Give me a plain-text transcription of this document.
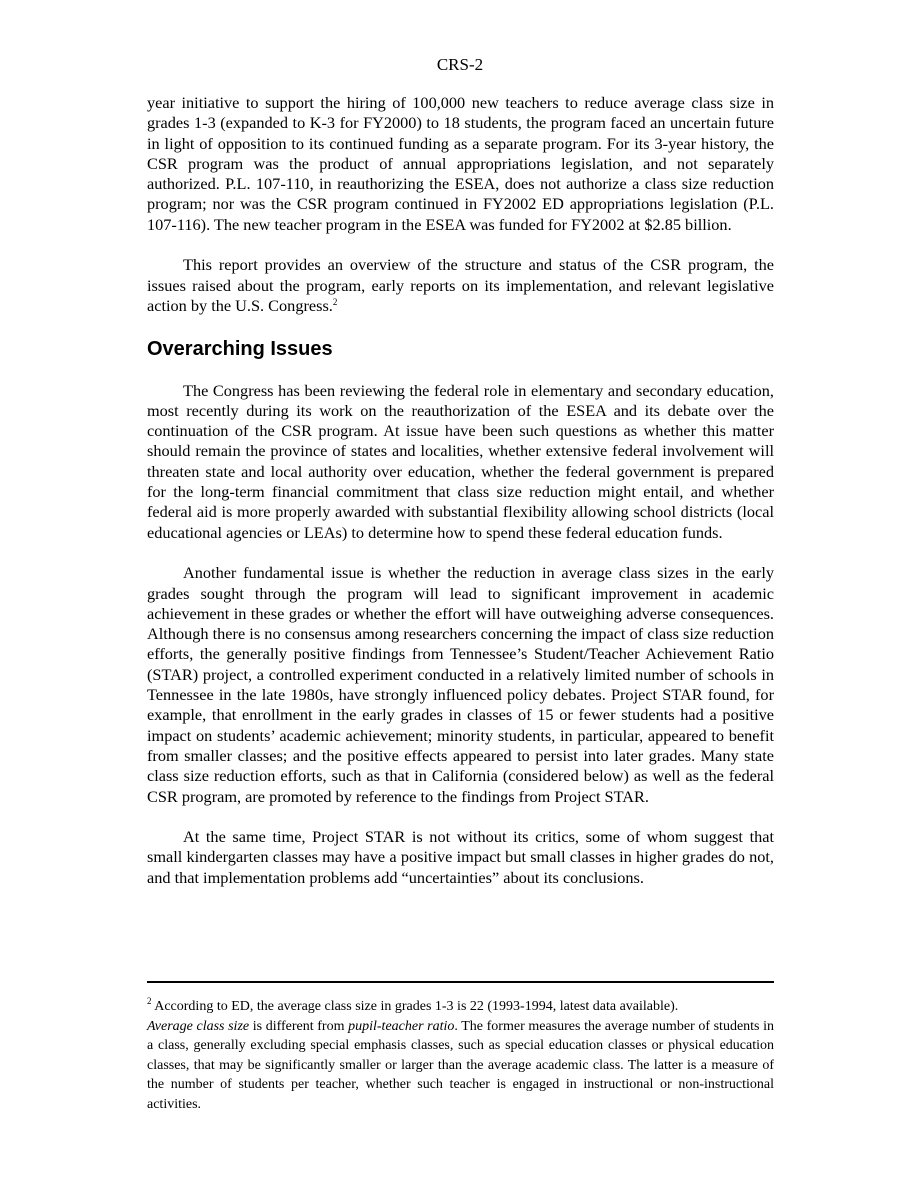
CRS-2

year initiative to support the hiring of 100,000 new teachers to reduce average class size in grades 1-3 (expanded to K-3 for FY2000) to 18 students, the program faced an uncertain future in light of opposition to its continued funding as a separate program. For its 3-year history, the CSR program was the product of annual appropriations legislation, and not separately authorized. P.L. 107-110, in reauthorizing the ESEA, does not authorize a class size reduction program; nor was the CSR program continued in FY2002 ED appropriations legislation (P.L. 107-116). The new teacher program in the ESEA was funded for FY2002 at $2.85 billion.

This report provides an overview of the structure and status of the CSR program, the issues raised about the program, early reports on its implementation, and relevant legislative action by the U.S. Congress.$^2$

Overarching Issues

The Congress has been reviewing the federal role in elementary and secondary education, most recently during its work on the reauthorization of the ESEA and its debate over the continuation of the CSR program. At issue have been such questions as whether this matter should remain the province of states and localities, whether extensive federal involvement will threaten state and local authority over education, whether the federal government is prepared for the long-term financial commitment that class size reduction might entail, and whether federal aid is more properly awarded with substantial flexibility allowing school districts (local educational agencies or LEAs) to determine how to spend these federal education funds.

Another fundamental issue is whether the reduction in average class sizes in the early grades sought through the program will lead to significant improvement in academic achievement in these grades or whether the effort will have outweighing adverse consequences. Although there is no consensus among researchers concerning the impact of class size reduction efforts, the generally positive findings from Tennessee’s Student/Teacher Achievement Ratio (STAR) project, a controlled experiment conducted in a relatively limited number of schools in Tennessee in the late 1980s, have strongly influenced policy debates. Project STAR found, for example, that enrollment in the early grades in classes of 15 or fewer students had a positive impact on students’ academic achievement; minority students, in particular, appeared to benefit from smaller classes; and the positive effects appeared to persist into later grades. Many state class size reduction efforts, such as that in California (considered below) as well as the federal CSR program, are promoted by reference to the findings from Project STAR.

At the same time, Project STAR is not without its critics, some of whom suggest that small kindergarten classes may have a positive impact but small classes in higher grades do not, and that implementation problems add “uncertainties” about its conclusions.

$^2$ According to ED, the average class size in grades 1-3 is 22 (1993-1994, latest data available).
Average class size is different from pupil-teacher ratio. The former measures the average number of students in a class, generally excluding special emphasis classes, such as special education classes or physical education classes, that may be significantly smaller or larger than the average academic class. The latter is a measure of the number of students per teacher, whether such teacher is engaged in instructional or non-instructional activities.
